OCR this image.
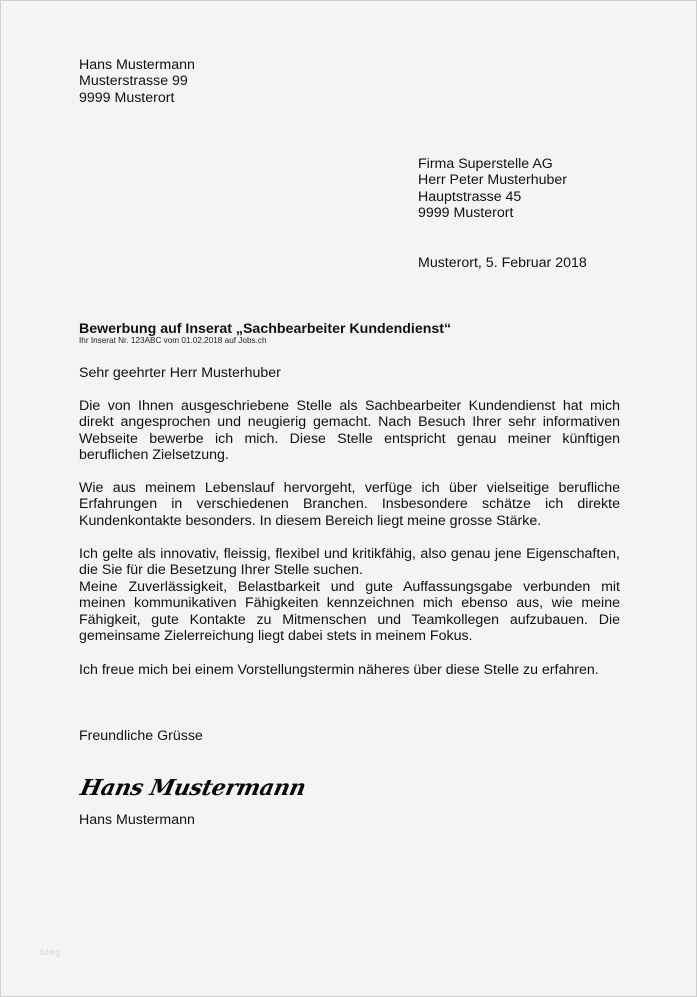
Hans Mustermann
Musterstrasse 99
9999 Musterort
Firma Superstelle AG
Herr Peter Musterhuber
Hauptstrasse 45
9999 Musterort
Musterort, 5. Februar 2018
Bewerbung auf Inserat „Sachbearbeiter Kundendienst“
Ihr Inserat Nr. 123ABC vom 01.02.2018 auf Jobs.ch
Sehr geehrter Herr Musterhuber
Die von Ihnen ausgeschriebene Stelle als Sachbearbeiter Kundendienst hat mich
direkt angesprochen und neugierig gemacht. Nach Besuch Ihrer sehr informativen
Webseite bewerbe ich mich. Diese Stelle entspricht genau meiner künftigen
beruflichen Zielsetzung.
Wie aus meinem Lebenslauf hervorgeht, verfüge ich über vielseitige berufliche
Erfahrungen in verschiedenen Branchen. Insbesondere schätze ich direkte
Kundenkontakte besonders. In diesem Bereich liegt meine grosse Stärke.
Ich gelte als innovativ, fleissig, flexibel und kritikfähig, also genau jene Eigenschaften,
die Sie für die Besetzung Ihrer Stelle suchen.
Meine Zuverlässigkeit, Belastbarkeit und gute Auffassungsgabe verbunden mit
meinen kommunikativen Fähigkeiten kennzeichnen mich ebenso aus, wie meine
Fähigkeit, gute Kontakte zu Mitmenschen und Teamkollegen aufzubauen. Die
gemeinsame Zielerreichung liegt dabei stets in meinem Fokus.
Ich freue mich bei einem Vorstellungstermin näheres über diese Stelle zu erfahren.
Freundliche Grüsse
Hans Mustermann
Hans Mustermann
blog
